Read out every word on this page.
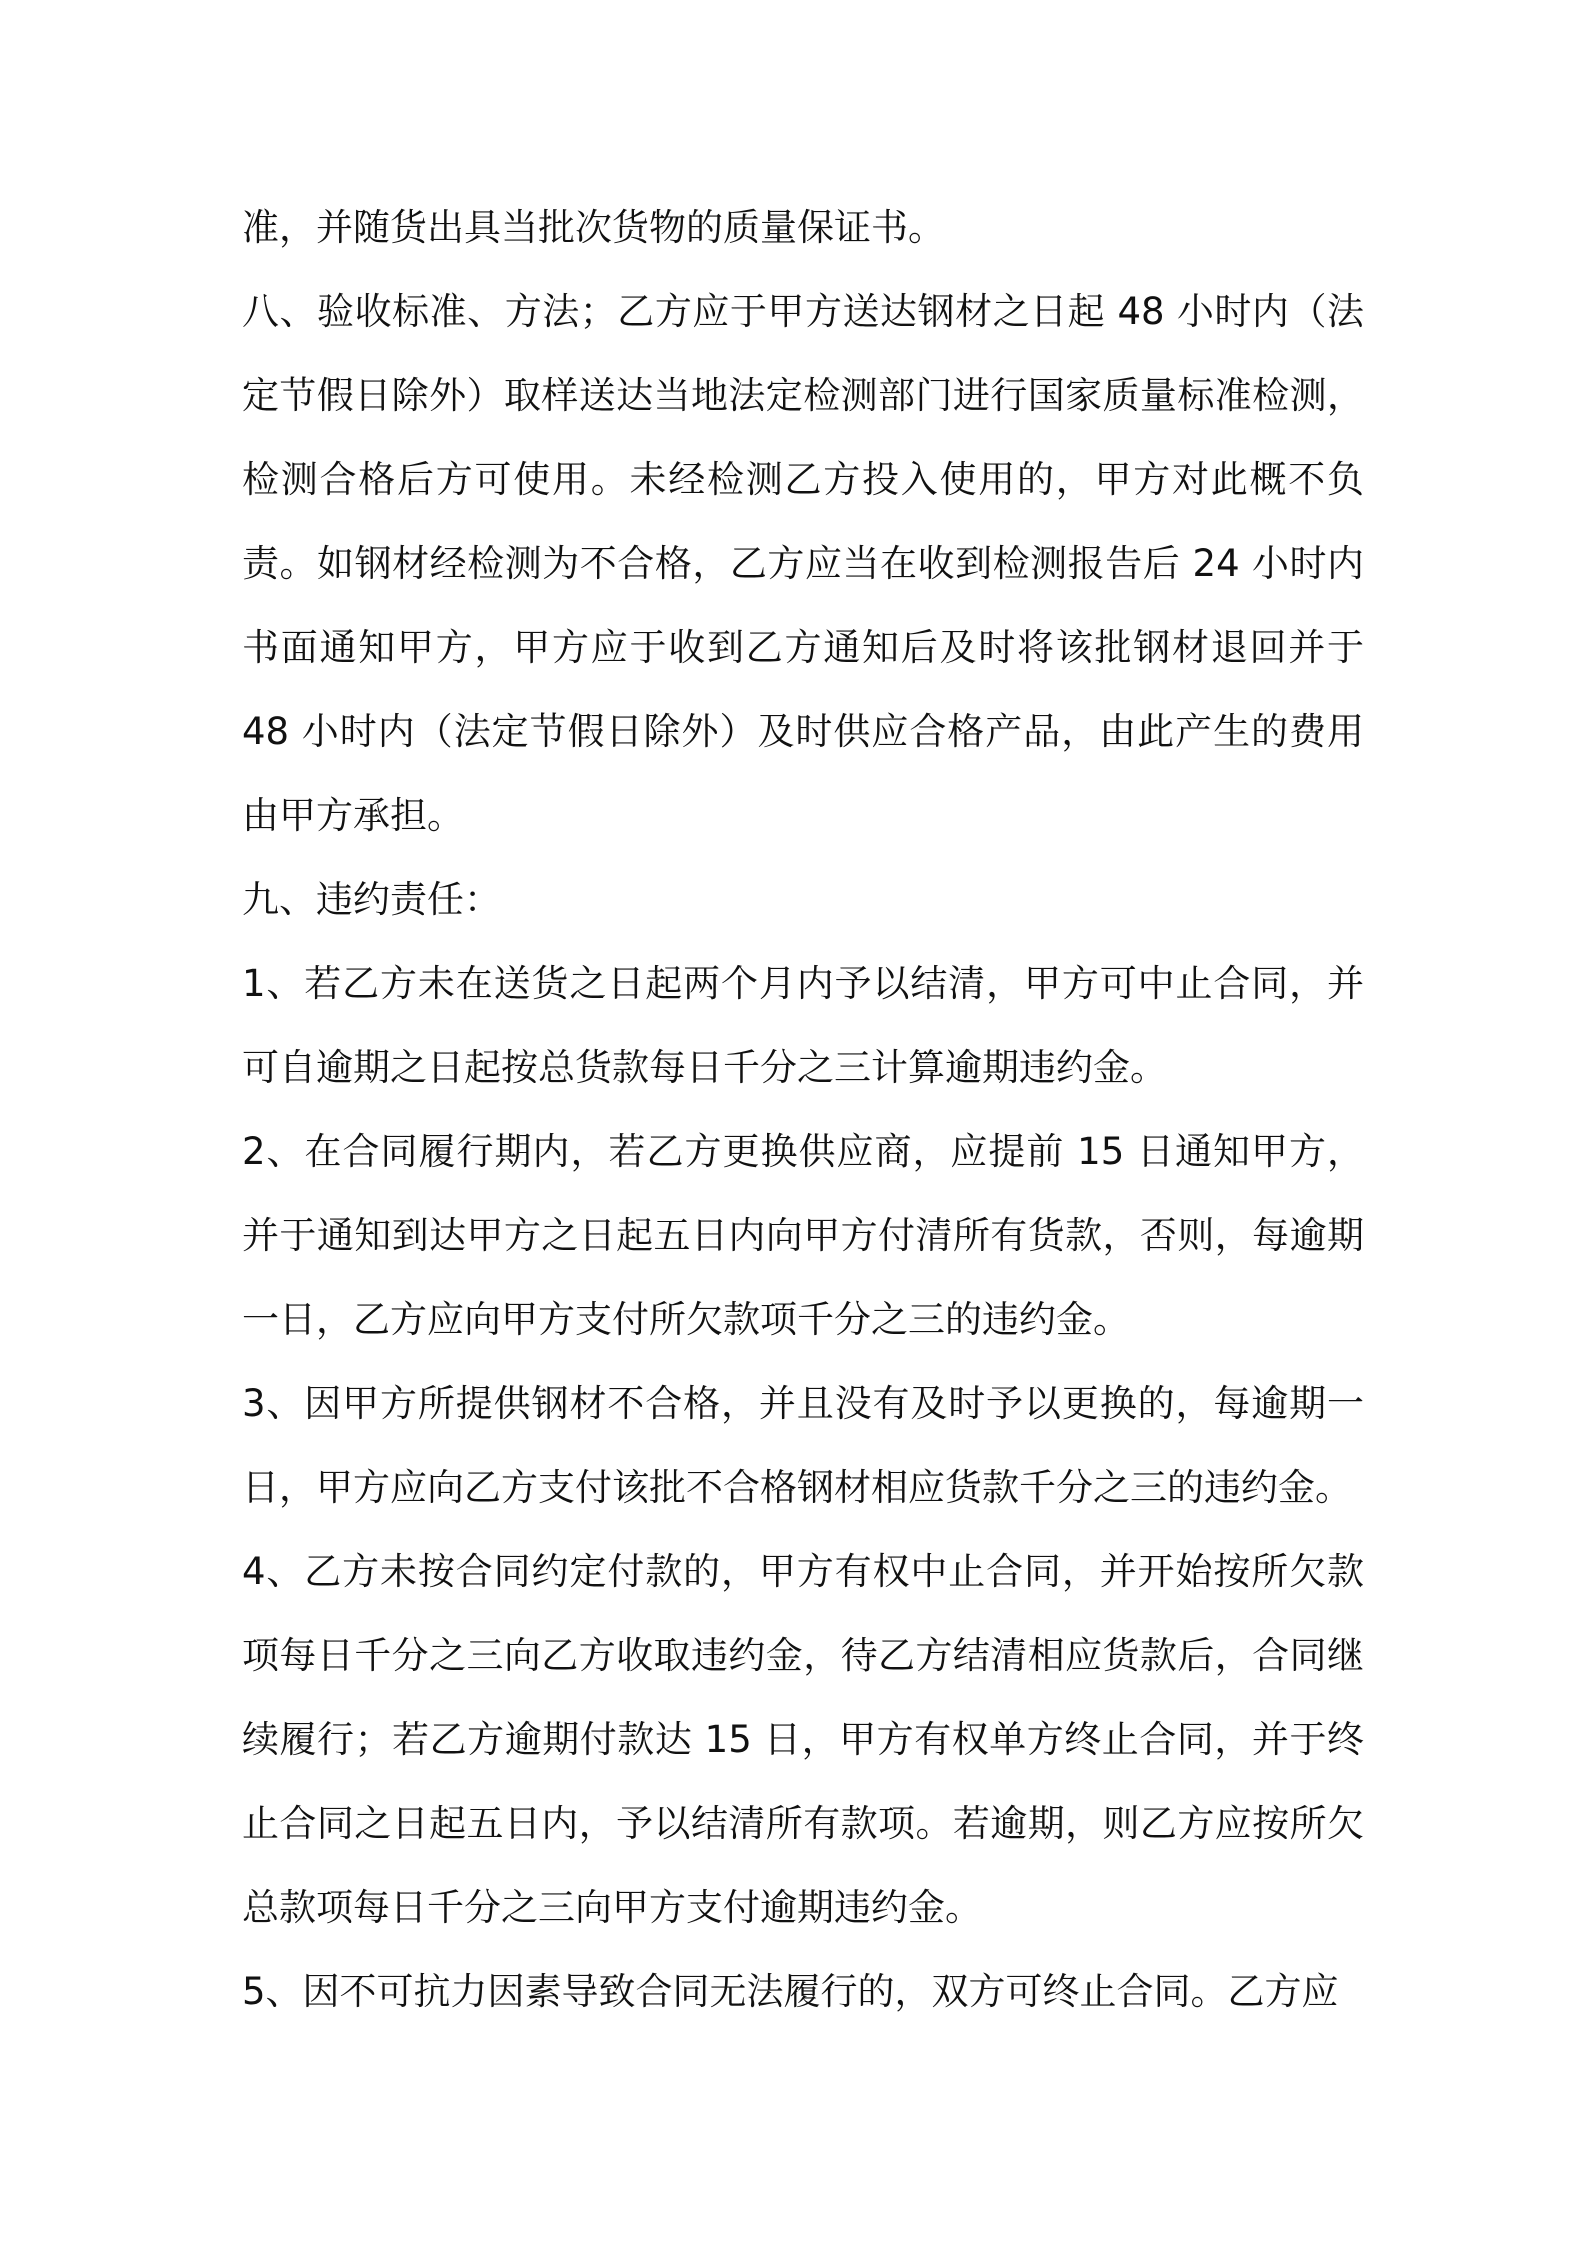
准，并随货出具当批次货物的质量保证书。

八、验收标准、方法；乙方应于甲方送达钢材之日起 48 小时内（法定节假日除外）取样送达当地法定检测部门进行国家质量标准检测，检测合格后方可使用。未经检测乙方投入使用的，甲方对此概不负责。如钢材经检测为不合格，乙方应当在收到检测报告后 24 小时内书面通知甲方，甲方应于收到乙方通知后及时将该批钢材退回并于 48 小时内（法定节假日除外）及时供应合格产品，由此产生的费用由甲方承担。

九、违约责任：

1、若乙方未在送货之日起两个月内予以结清，甲方可中止合同，并可自逾期之日起按总货款每日千分之三计算逾期违约金。

2、在合同履行期内，若乙方更换供应商，应提前 15 日通知甲方，并于通知到达甲方之日起五日内向甲方付清所有货款，否则，每逾期一日，乙方应向甲方支付所欠款项千分之三的违约金。

3、因甲方所提供钢材不合格，并且没有及时予以更换的，每逾期一日，甲方应向乙方支付该批不合格钢材相应货款千分之三的违约金。

4、乙方未按合同约定付款的，甲方有权中止合同，并开始按所欠款项每日千分之三向乙方收取违约金，待乙方结清相应货款后，合同继续履行；若乙方逾期付款达 15 日，甲方有权单方终止合同，并于终止合同之日起五日内，予以结清所有款项。若逾期，则乙方应按所欠总款项每日千分之三向甲方支付逾期违约金。

5、因不可抗力因素导致合同无法履行的，双方可终止合同。乙方应
